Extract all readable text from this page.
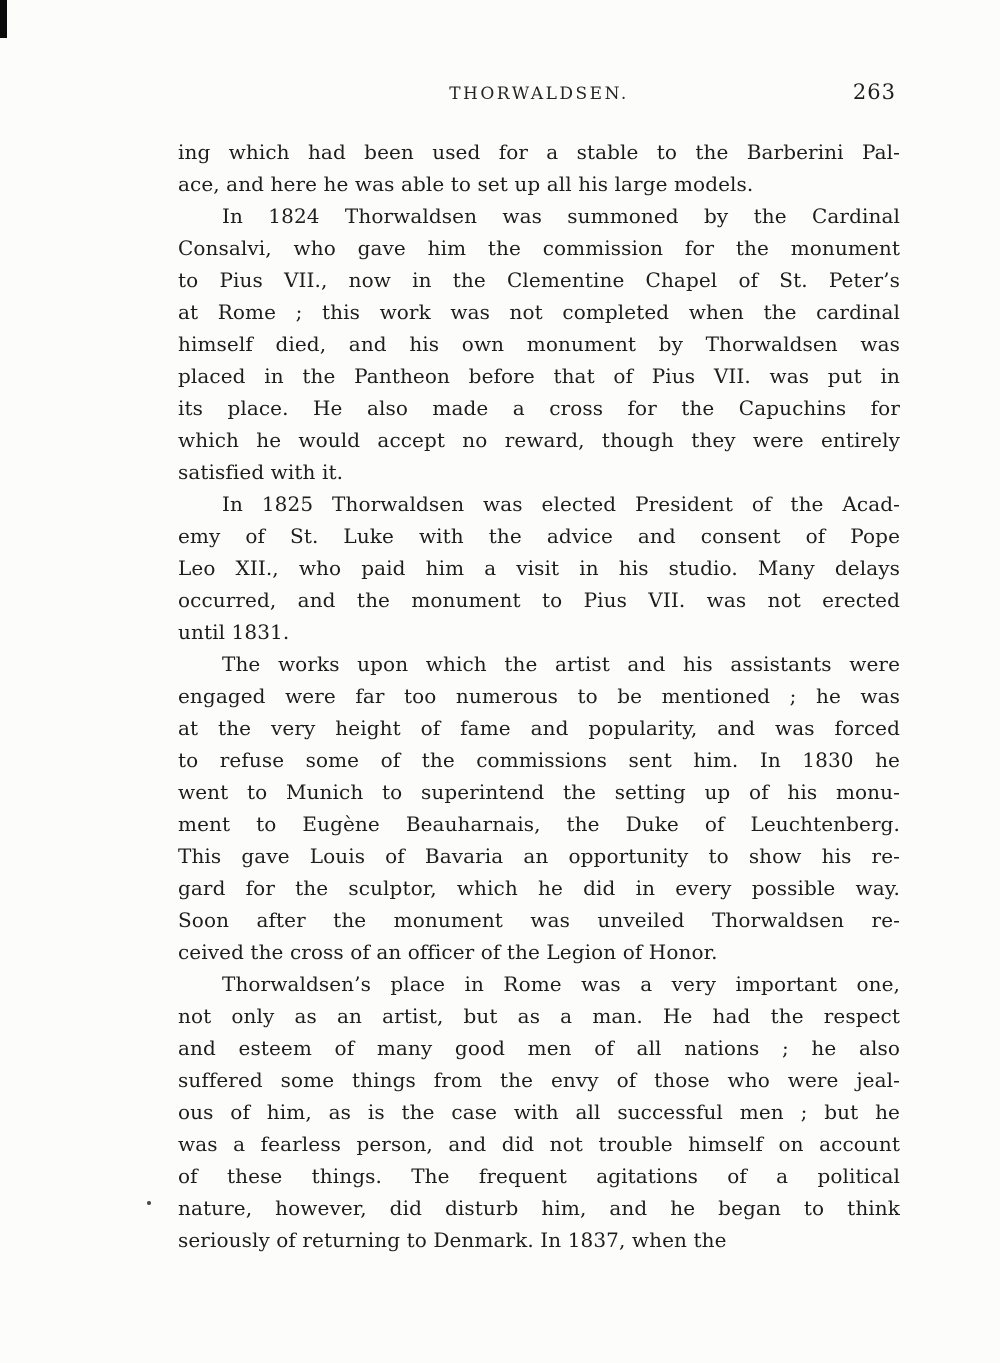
THORWALDSEN.	263
ing which had been used for a stable to the Barberini Pal-
ace, and here he was able to set up all his large models.
In 1824 Thorwaldsen was summoned by the Cardinal
Consalvi, who gave him the commission for the monument
to Pius VII., now in the Clementine Chapel of St. Peter’s
at Rome ; this work was not completed when the cardinal
himself died, and his own monument by Thorwaldsen was
placed in the Pantheon before that of Pius VII. was put in
its place. He also made a cross for the Capuchins for
which he would accept no reward, though they were entirely
satisfied with it.
In 1825 Thorwaldsen was elected President of the Acad-
emy of St. Luke with the advice and consent of Pope
Leo XII., who paid him a visit in his studio. Many delays
occurred, and the monument to Pius VII. was not erected
until 1831.
The works upon which the artist and his assistants were
engaged were far too numerous to be mentioned ; he was
at the very height of fame and popularity, and was forced
to refuse some of the commissions sent him. In 1830 he
went to Munich to superintend the setting up of his monu-
ment to Eugène Beauharnais, the Duke of Leuchtenberg.
This gave Louis of Bavaria an opportunity to show his re-
gard for the sculptor, which he did in every possible way.
Soon after the monument was unveiled Thorwaldsen re-
ceived the cross of an officer of the Legion of Honor.
Thorwaldsen’s place in Rome was a very important one,
not only as an artist, but as a man. He had the respect
and esteem of many good men of all nations ; he also
suffered some things from the envy of those who were jeal-
ous of him, as is the case with all successful men ; but he
was a fearless person, and did not trouble himself on account
of these things. The frequent agitations of a political
nature, however, did disturb him, and he began to think
seriously of returning to Denmark. In 1837, when the
